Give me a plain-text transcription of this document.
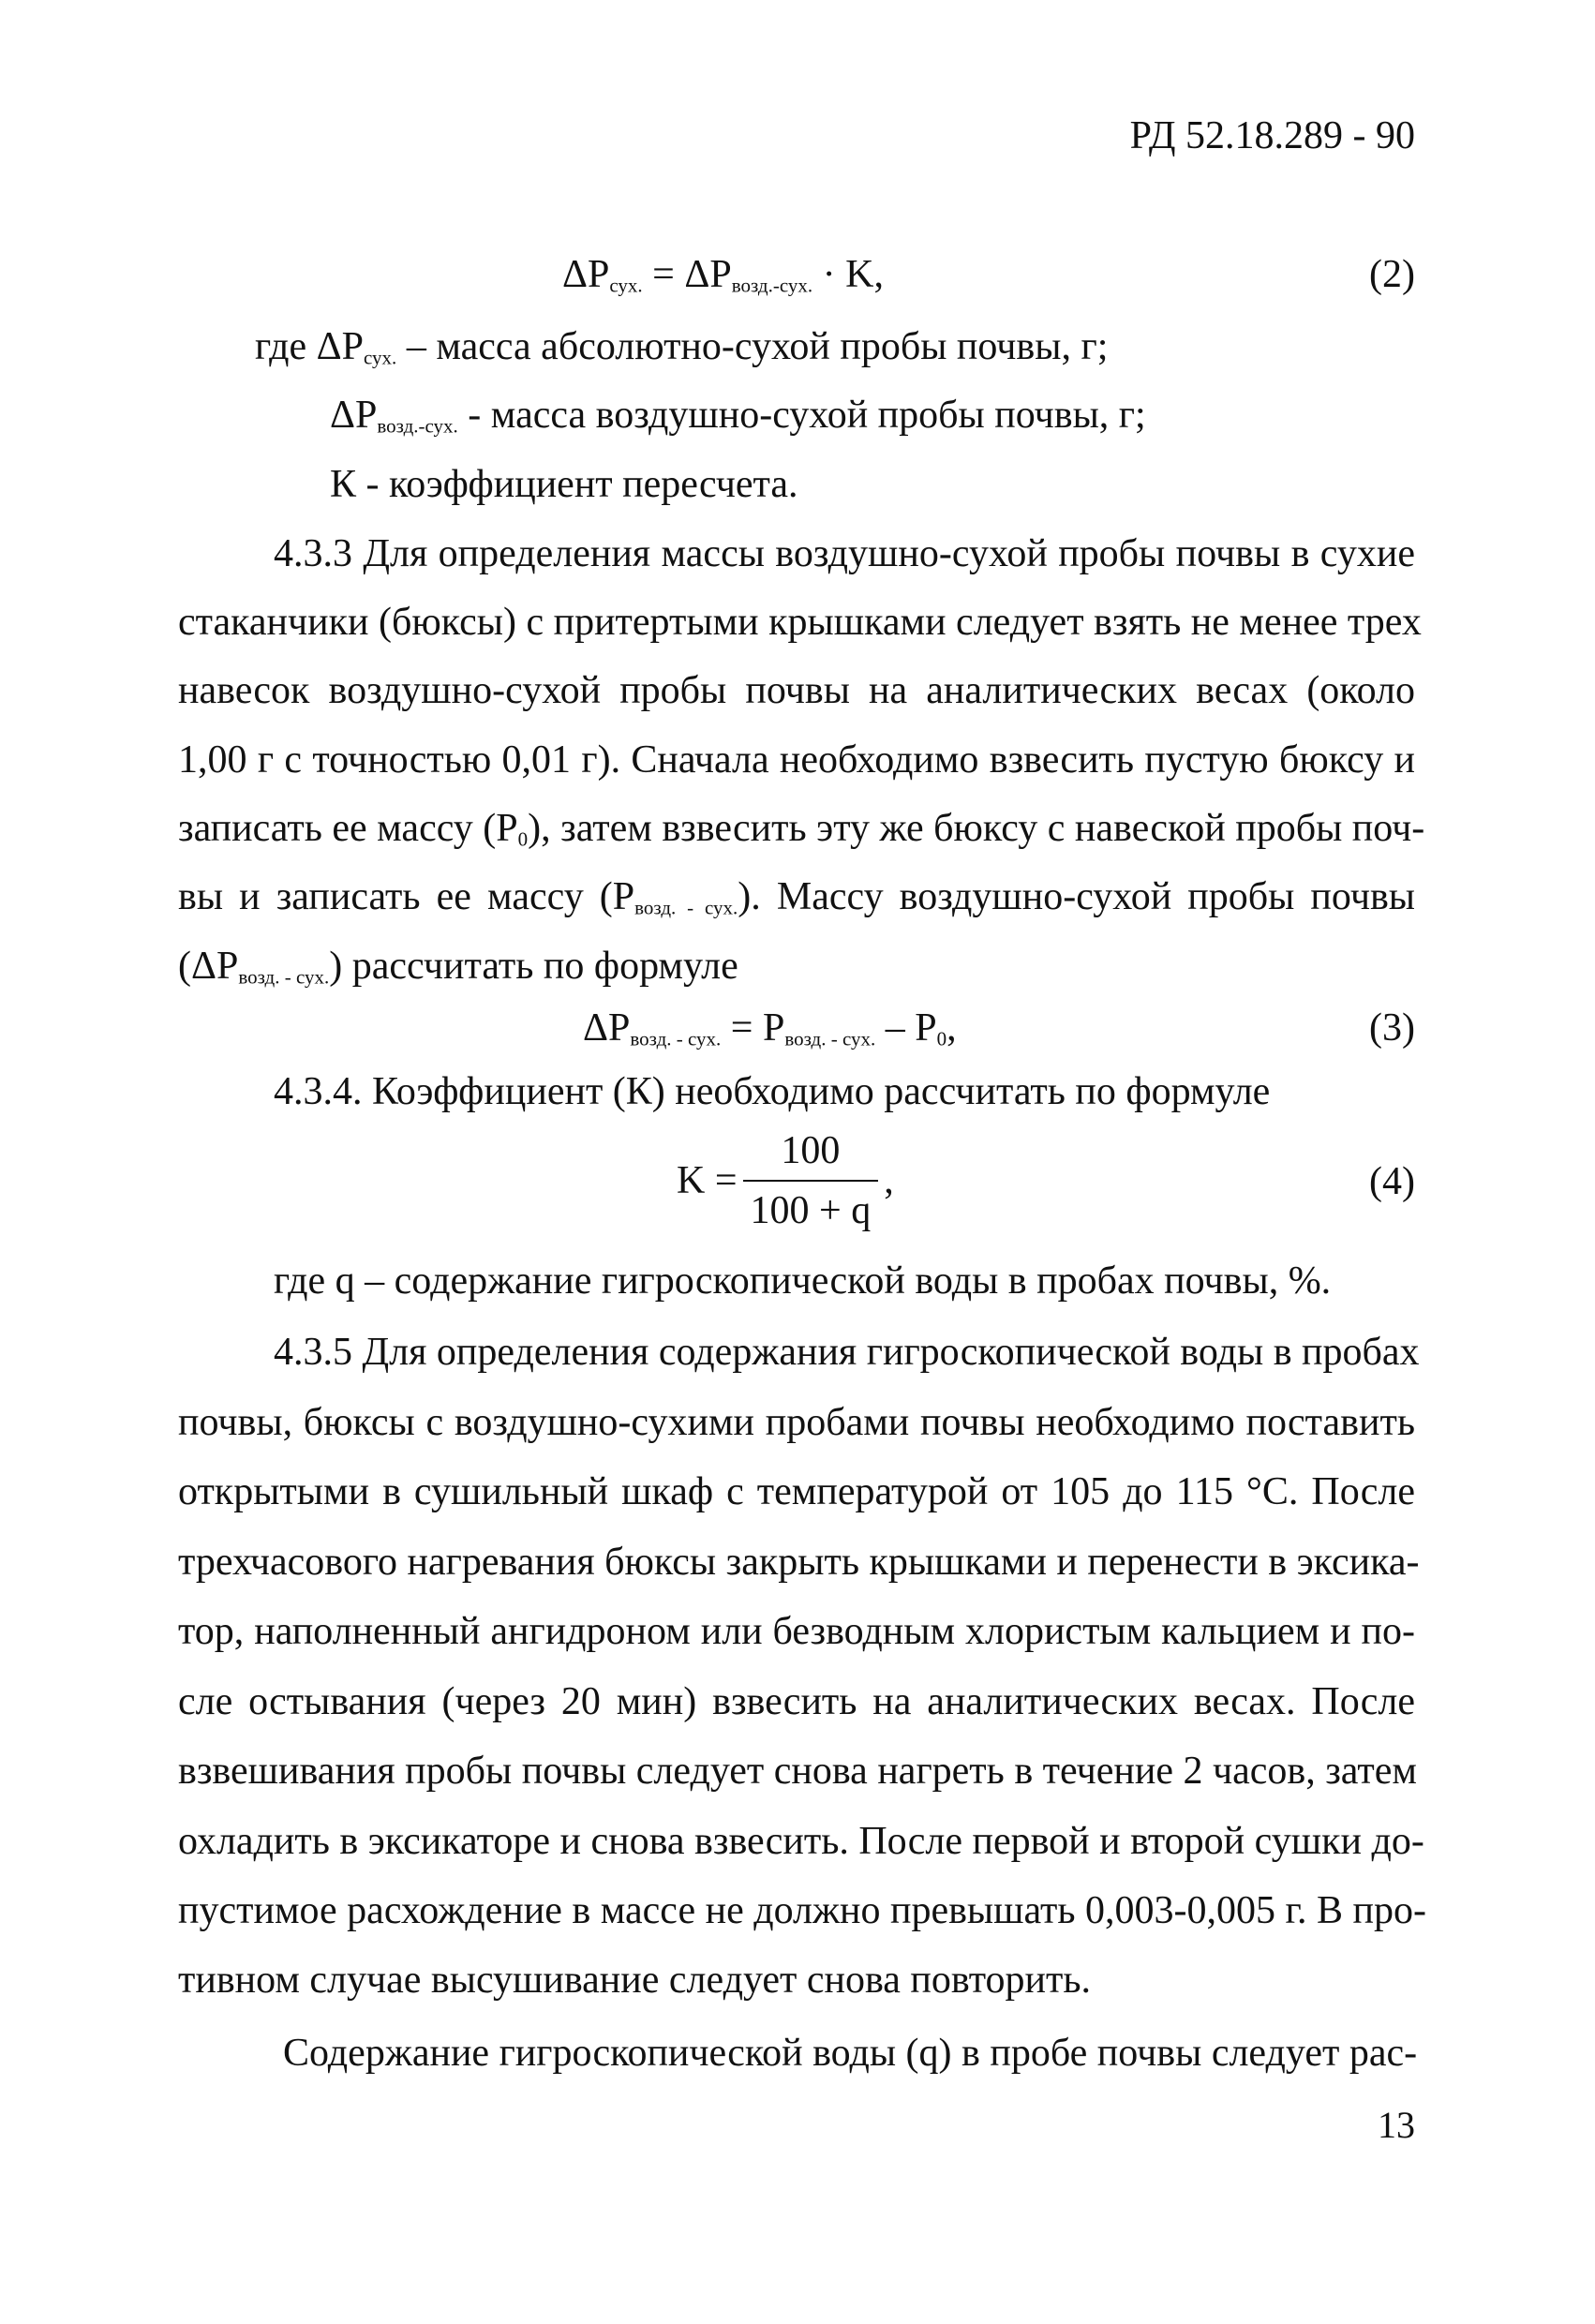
РД 52.18.289 - 90
$\Delta P_{сух.} = \Delta P_{возд.-сух.} \cdot K$,	(2)
где $\Delta P_{сух.}$ – масса абсолютно-сухой пробы почвы, г;
$\Delta P_{возд.-сух.}$ - масса воздушно-сухой пробы почвы, г;
К - коэффициент пересчета.
4.3.3 Для определения массы воздушно-сухой пробы почвы в сухие
стаканчики (бюксы) с притертыми крышками следует взять не менее трех
навесок воздушно-сухой пробы почвы на аналитических весах (около
1,00 г с точностью 0,01 г). Сначала необходимо взвесить пустую бюксу и
записать ее массу $(P_0)$, затем взвесить эту же бюксу с навеской пробы поч-
вы и записать ее массу $(P_{возд. - сух.})$. Массу воздушно-сухой пробы почвы
$(\Delta P_{возд. - сух.})$ рассчитать по формуле
$\Delta P_{возд. - сух.} = P_{возд. - сух.} - P_0$,	(3)
4.3.4. Коэффициент (К) необходимо рассчитать по формуле
$K = \frac{100}{100 + q}$ ,	(4)
где q – содержание гигроскопической воды в пробах почвы, %.
4.3.5 Для определения содержания гигроскопической воды в пробах
почвы, бюксы с воздушно-сухими пробами почвы необходимо поставить
открытыми в сушильный шкаф с температурой от 105 до 115 °С. После
трехчасового нагревания бюксы закрыть крышками и перенести в эксика-
тор, наполненный ангидроном или безводным хлористым кальцием и по-
сле остывания (через 20 мин) взвесить на аналитических весах. После
взвешивания пробы почвы следует снова нагреть в течение 2 часов, затем
охладить в эксикаторе и снова взвесить. После первой и второй сушки до-
пустимое расхождение в массе не должно превышать 0,003-0,005 г. В про-
тивном случае высушивание следует снова повторить.
Содержание гигроскопической воды (q) в пробе почвы следует рас-
13
